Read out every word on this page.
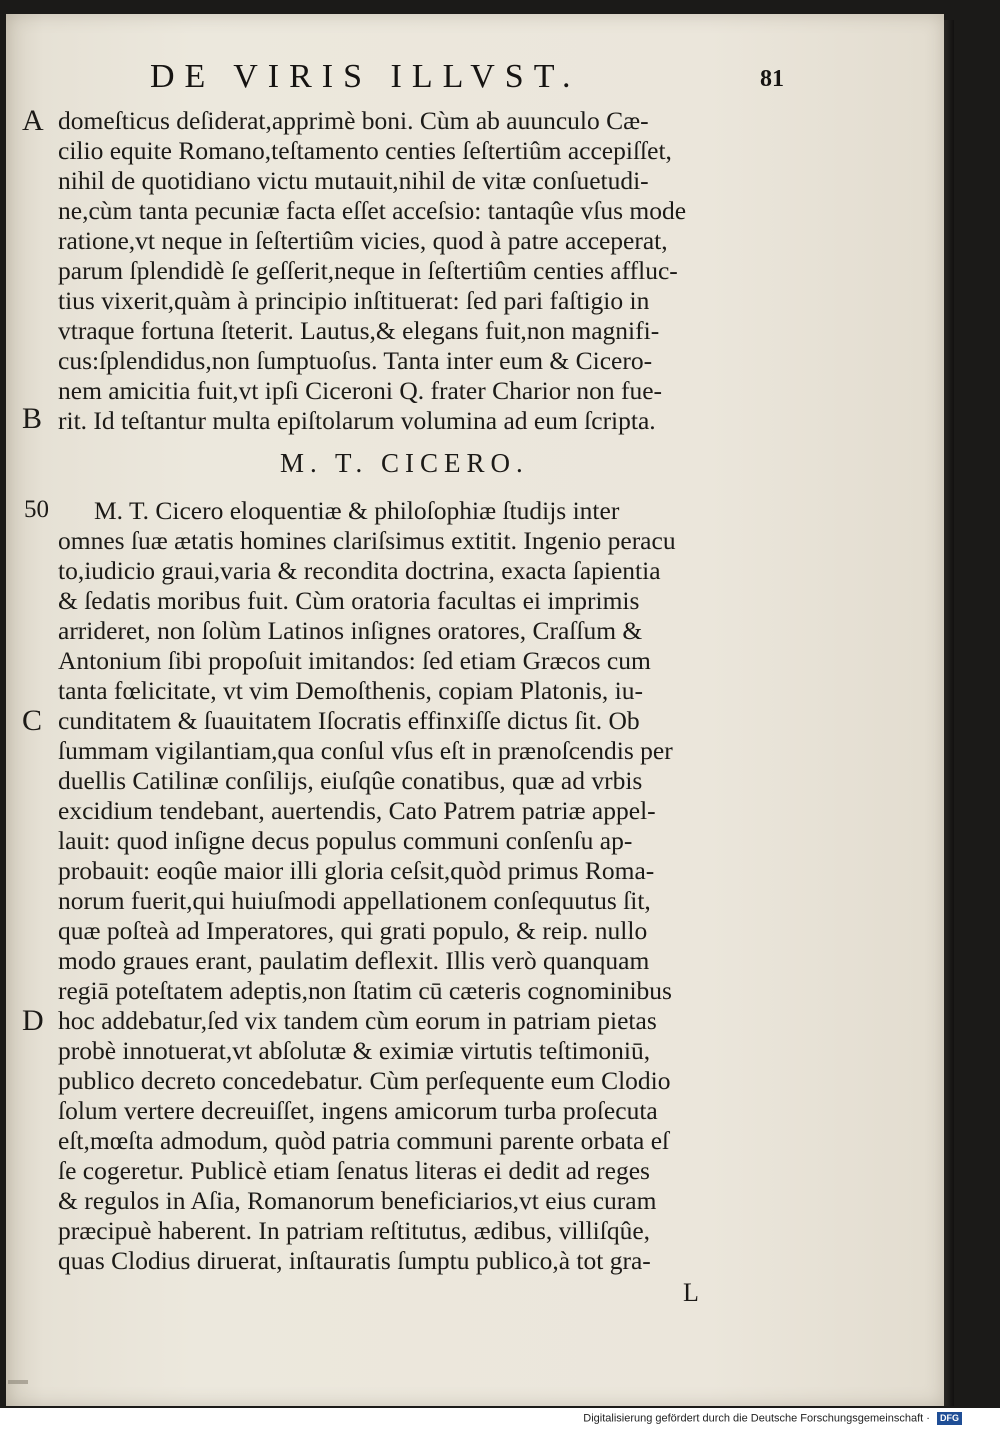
DE VIRIS ILLVST.	81
A
B
C
D
domeſticus deſiderat,apprimè boni. Cùm ab auunculo Cæ-
cilio equite Romano,teſtamento centies ſeſtertiûm accepiſſet,
nihil de quotidiano victu mutauit,nihil de vitæ conſuetudi-
ne,cùm tanta pecuniæ facta eſſet acceſsio: tantaqûe vſus mode
ratione,vt neque in ſeſtertiûm vicies, quod à patre acceperat,
parum ſplendidè ſe geſſerit,neque in ſeſtertiûm centies affluc-
tius vixerit,quàm à principio inſtituerat: ſed pari faſtigio in
vtraque fortuna ſteterit. Lautus,& elegans fuit,non magnifi-
cus:ſplendidus,non ſumptuoſus. Tanta inter eum & Cicero-
nem amicitia fuit,vt ipſi Ciceroni Q. frater Charior non fue-
rit. Id teſtantur multa epiſtolarum volumina ad eum ſcripta.
M. T. CICERO.
50	M. T. Cicero eloquentiæ & philoſophiæ ſtudijs inter
omnes ſuæ ætatis homines clariſsimus extitit. Ingenio peracu
to,iudicio graui,varia & recondita doctrina, exacta ſapientia
& ſedatis moribus fuit. Cùm oratoria facultas ei imprimis
arrideret, non ſolùm Latinos inſignes oratores, Craſſum &
Antonium ſibi propoſuit imitandos: ſed etiam Græcos cum
tanta fœlicitate, vt vim Demoſthenis, copiam Platonis, iu-
cunditatem & ſuauitatem Iſocratis effinxiſſe dictus ſit. Ob
ſummam vigilantiam,qua conſul vſus eſt in prænoſcendis per
duellis Catilinæ conſilijs, eiuſqûe conatibus, quæ ad vrbis
excidium tendebant, auertendis, Cato Patrem patriæ appel-
lauit: quod inſigne decus populus communi conſenſu ap-
probauit: eoqûe maior illi gloria ceſsit,quòd primus Roma-
norum fuerit,qui huiuſmodi appellationem conſequutus ſit,
quæ poſteà ad Imperatores, qui grati populo, & reip. nullo
modo graues erant, paulatim deflexit. Illis verò quanquam
regiā poteſtatem adeptis,non ſtatim cū cæteris cognominibus
hoc addebatur,ſed vix tandem cùm eorum in patriam pietas
probè innotuerat,vt abſolutæ & eximiæ virtutis teſtimoniū,
publico decreto concedebatur. Cùm perſequente eum Clodio
ſolum vertere decreuiſſet, ingens amicorum turba proſecuta
eſt,mœſta admodum, quòd patria communi parente orbata eſ
ſe cogeretur. Publicè etiam ſenatus literas ei dedit ad reges
& regulos in Aſia, Romanorum beneficiarios,vt eius curam
præcipuè haberent. In patriam reſtitutus, ædibus, villiſqûe,
quas Clodius diruerat, inſtauratis ſumptu publico,à tot gra-
L
Digitalisierung gefördert durch die Deutsche Forschungsgemeinschaft · DFG
